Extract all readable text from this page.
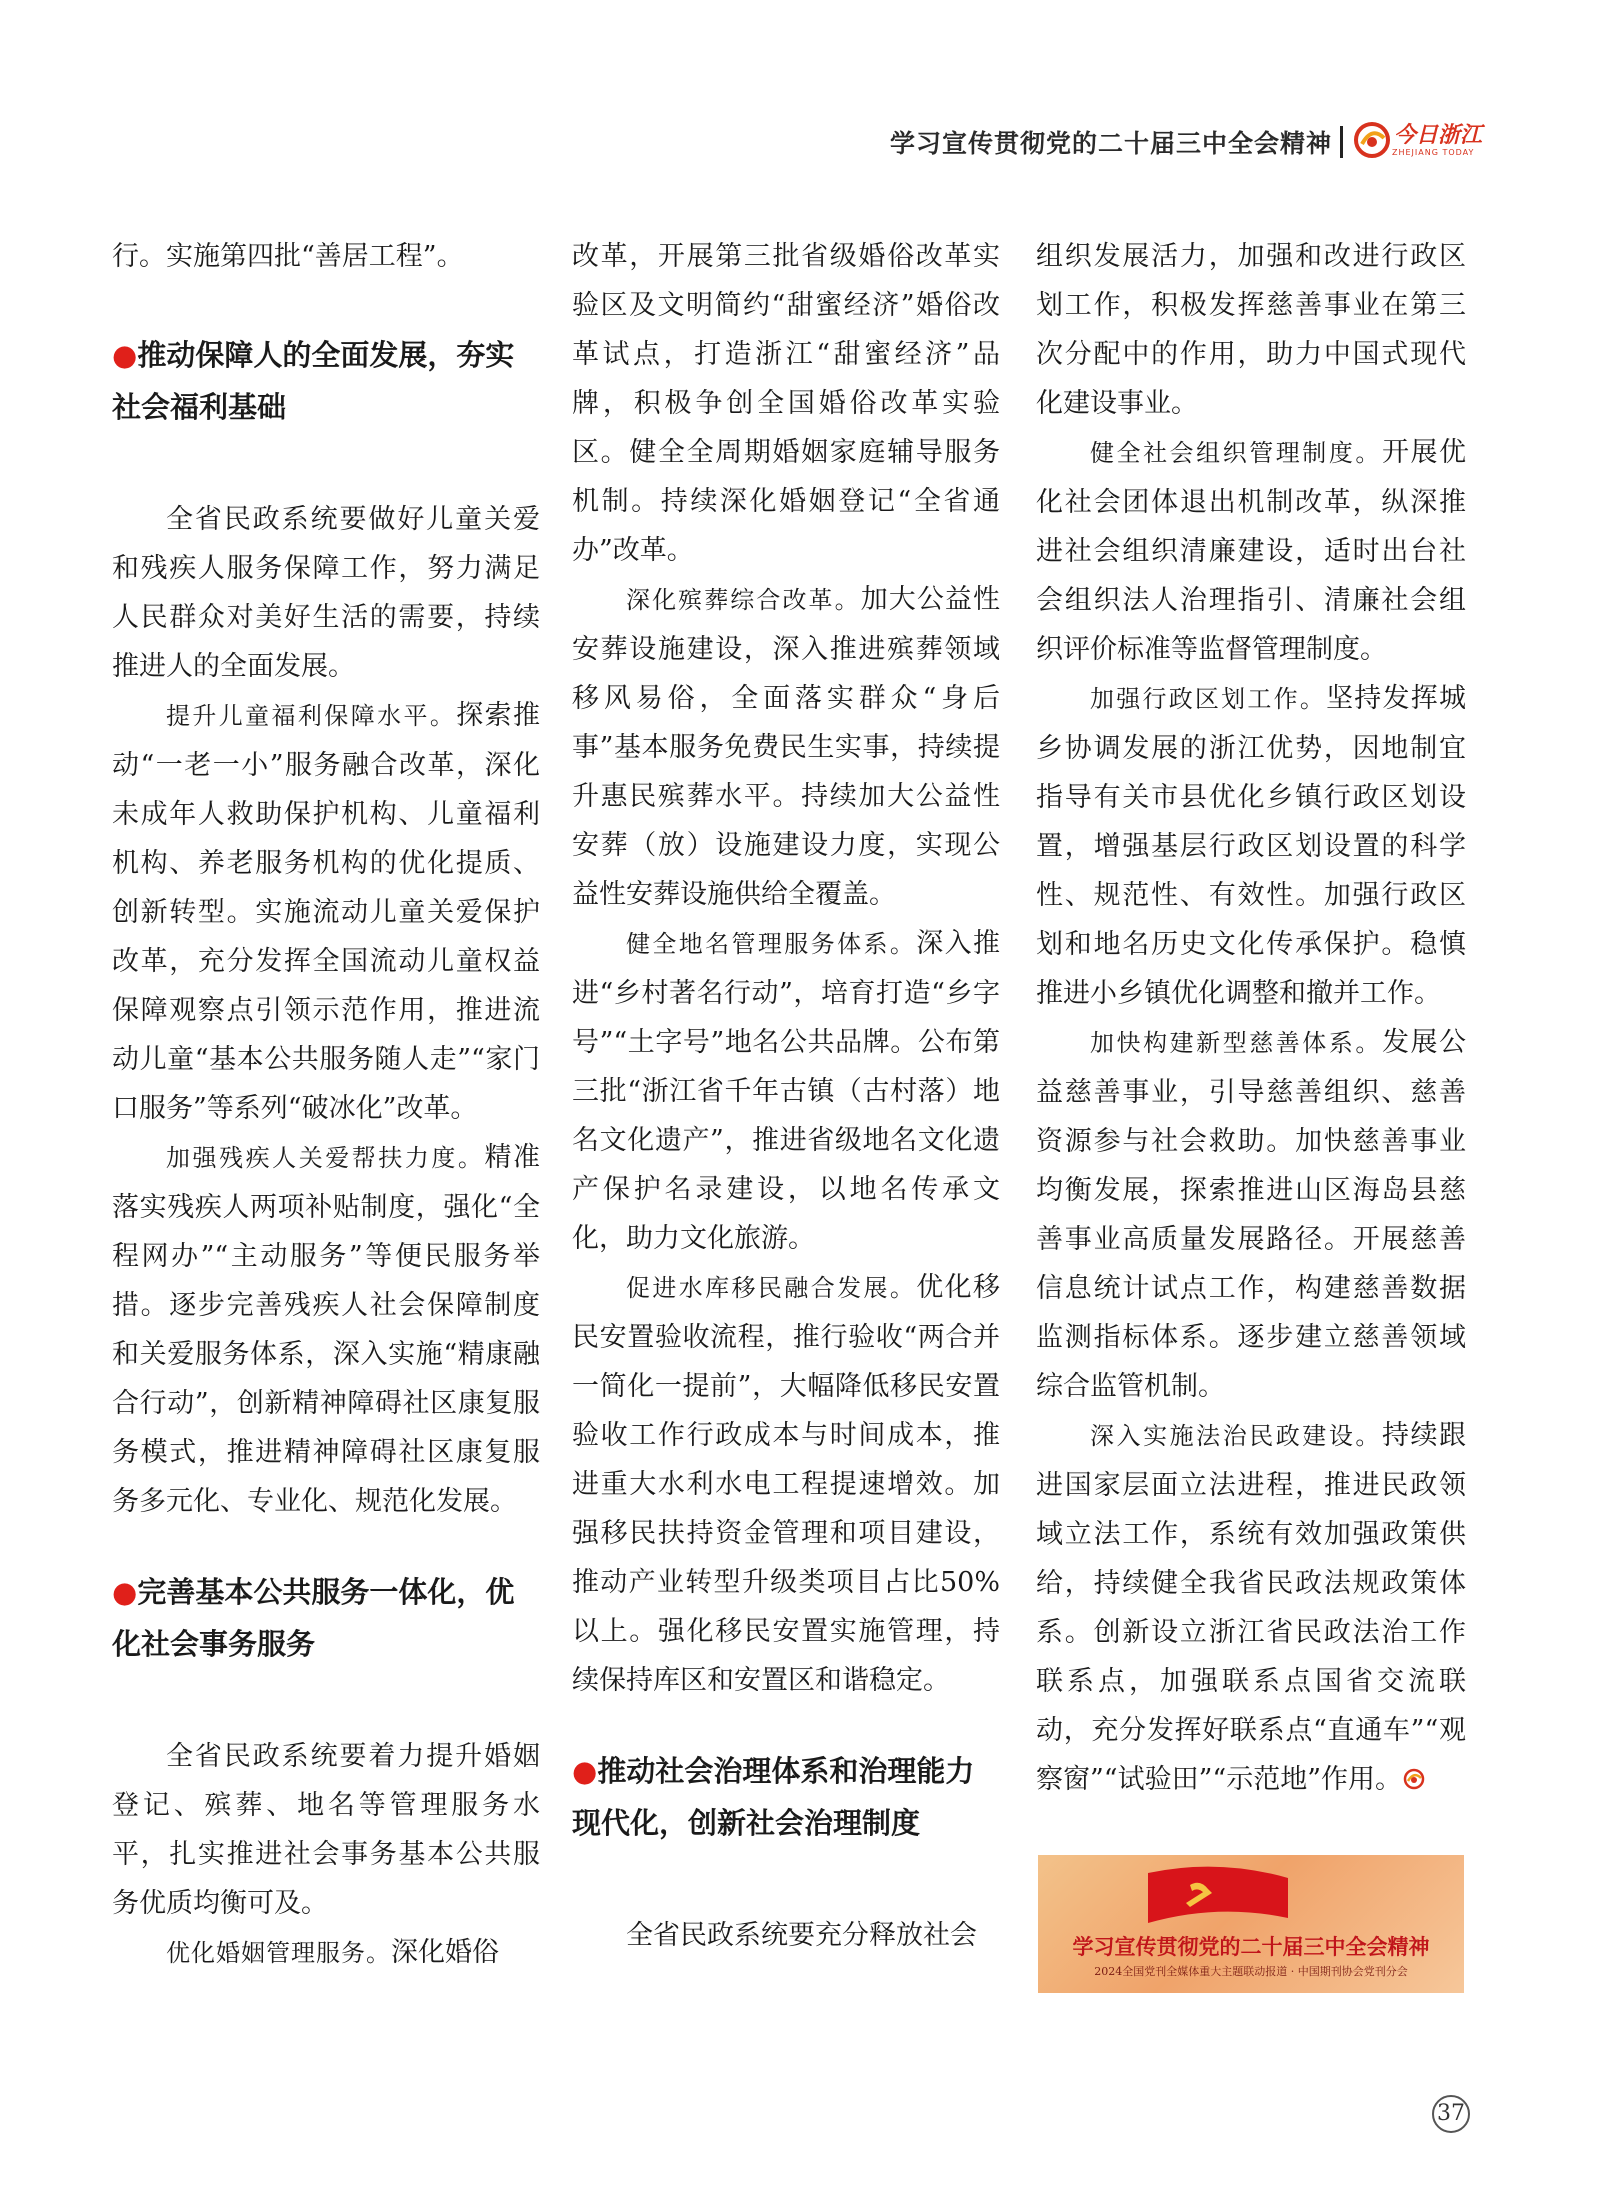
学习宣传贯彻党的二十届三中全会精神	今日浙江
ZHEJIANG TODAY

行。实施第四批“善居工程”。

●推动保障人的全面发展，夯实社会福利基础

全省民政系统要做好儿童关爱和残疾人服务保障工作，努力满足人民群众对美好生活的需要，持续推进人的全面发展。

提升儿童福利保障水平。探索推动“一老一小”服务融合改革，深化未成年人救助保护机构、儿童福利机构、养老服务机构的优化提质、创新转型。实施流动儿童关爱保护改革，充分发挥全国流动儿童权益保障观察点引领示范作用，推进流动儿童“基本公共服务随人走”“家门口服务”等系列“破冰化”改革。

加强残疾人关爱帮扶力度。精准落实残疾人两项补贴制度，强化“全程网办”“主动服务”等便民服务举措。逐步完善残疾人社会保障制度和关爱服务体系，深入实施“精康融合行动”，创新精神障碍社区康复服务模式，推进精神障碍社区康复服务多元化、专业化、规范化发展。

●完善基本公共服务一体化，优化社会事务服务

全省民政系统要着力提升婚姻登记、殡葬、地名等管理服务水平，扎实推进社会事务基本公共服务优质均衡可及。

优化婚姻管理服务。深化婚俗

改革，开展第三批省级婚俗改革实验区及文明简约“甜蜜经济”婚俗改革试点，打造浙江“甜蜜经济”品牌，积极争创全国婚俗改革实验区。健全全周期婚姻家庭辅导服务机制。持续深化婚姻登记“全省通办”改革。

深化殡葬综合改革。加大公益性安葬设施建设，深入推进殡葬领域移风易俗，全面落实群众“身后事”基本服务免费民生实事，持续提升惠民殡葬水平。持续加大公益性安葬（放）设施建设力度，实现公益性安葬设施供给全覆盖。

健全地名管理服务体系。深入推进“乡村著名行动”，培育打造“乡字号”“土字号”地名公共品牌。公布第三批“浙江省千年古镇（古村落）地名文化遗产”，推进省级地名文化遗产保护名录建设，以地名传承文化，助力文化旅游。

促进水库移民融合发展。优化移民安置验收流程，推行验收“两合并一简化一提前”，大幅降低移民安置验收工作行政成本与时间成本，推进重大水利水电工程提速增效。加强移民扶持资金管理和项目建设，推动产业转型升级类项目占比50%以上。强化移民安置实施管理，持续保持库区和安置区和谐稳定。

●推动社会治理体系和治理能力现代化，创新社会治理制度

全省民政系统要充分释放社会

组织发展活力，加强和改进行政区划工作，积极发挥慈善事业在第三次分配中的作用，助力中国式现代化建设事业。

健全社会组织管理制度。开展优化社会团体退出机制改革，纵深推进社会组织清廉建设，适时出台社会组织法人治理指引、清廉社会组织评价标准等监督管理制度。

加强行政区划工作。坚持发挥城乡协调发展的浙江优势，因地制宜指导有关市县优化乡镇行政区划设置，增强基层行政区划设置的科学性、规范性、有效性。加强行政区划和地名历史文化传承保护。稳慎推进小乡镇优化调整和撤并工作。

加快构建新型慈善体系。发展公益慈善事业，引导慈善组织、慈善资源参与社会救助。加快慈善事业均衡发展，探索推进山区海岛县慈善事业高质量发展路径。开展慈善信息统计试点工作，构建慈善数据监测指标体系。逐步建立慈善领域综合监管机制。

深入实施法治民政建设。持续跟进国家层面立法进程，推进民政领域立法工作，系统有效加强政策供给，持续健全我省民政法规政策体系。创新设立浙江省民政法治工作联系点，加强联系点国省交流联动，充分发挥好联系点“直通车”“观察窗”“试验田”“示范地”作用。

学习宣传贯彻党的二十届三中全会精神
2024全国党刊全媒体重大主题联动报道 · 中国期刊协会党刊分会
37
